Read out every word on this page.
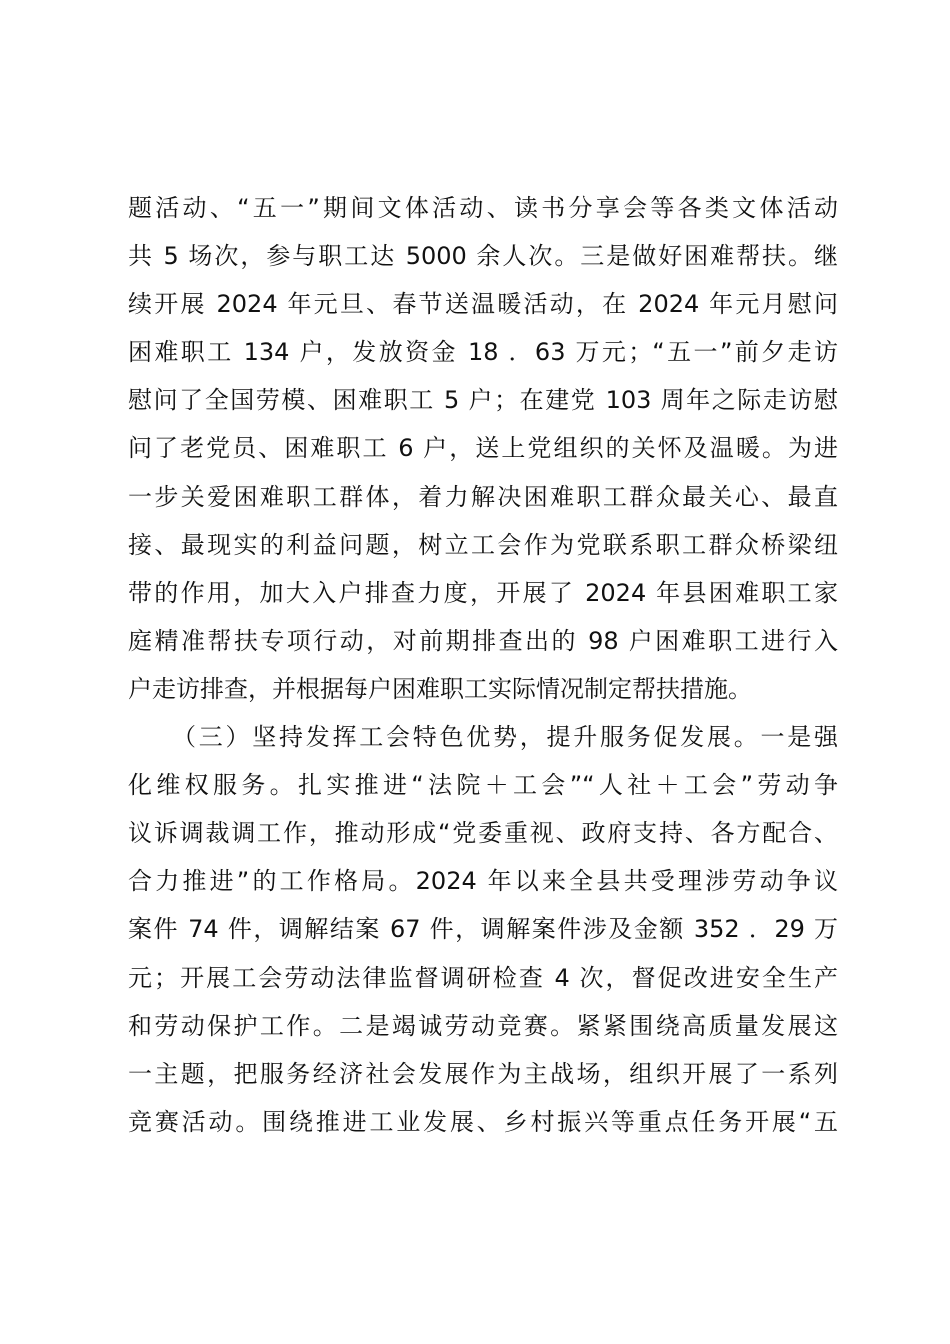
题活动、“五一”期间文体活动、读书分享会等各类文体活动
共 5 场次，参与职工达 5000 余人次。三是做好困难帮扶。继
续开展 2024 年元旦、春节送温暖活动，在 2024 年元月慰问
困难职工 134 户，发放资金 18 ．63 万元；“五一”前夕走访
慰问了全国劳模、困难职工 5 户；在建党 103 周年之际走访慰
问了老党员、困难职工 6 户，送上党组织的关怀及温暖。为进
一步关爱困难职工群体，着力解决困难职工群众最关心、最直
接、最现实的利益问题，树立工会作为党联系职工群众桥梁纽
带的作用，加大入户排查力度，开展了 2024 年县困难职工家
庭精准帮扶专项行动，对前期排查出的 98 户困难职工进行入
户走访排查，并根据每户困难职工实际情况制定帮扶措施。
（三）坚持发挥工会特色优势，提升服务促发展。一是强
化维权服务。扎实推进“法院＋工会”“人社＋工会”劳动争
议诉调裁调工作，推动形成“党委重视、政府支持、各方配合、
合力推进”的工作格局。2024 年以来全县共受理涉劳动争议
案件 74 件，调解结案 67 件，调解案件涉及金额 352 ．29 万
元；开展工会劳动法律监督调研检查 4 次，督促改进安全生产
和劳动保护工作。二是竭诚劳动竞赛。紧紧围绕高质量发展这
一主题，把服务经济社会发展作为主战场，组织开展了一系列
竞赛活动。围绕推进工业发展、乡村振兴等重点任务开展“五
